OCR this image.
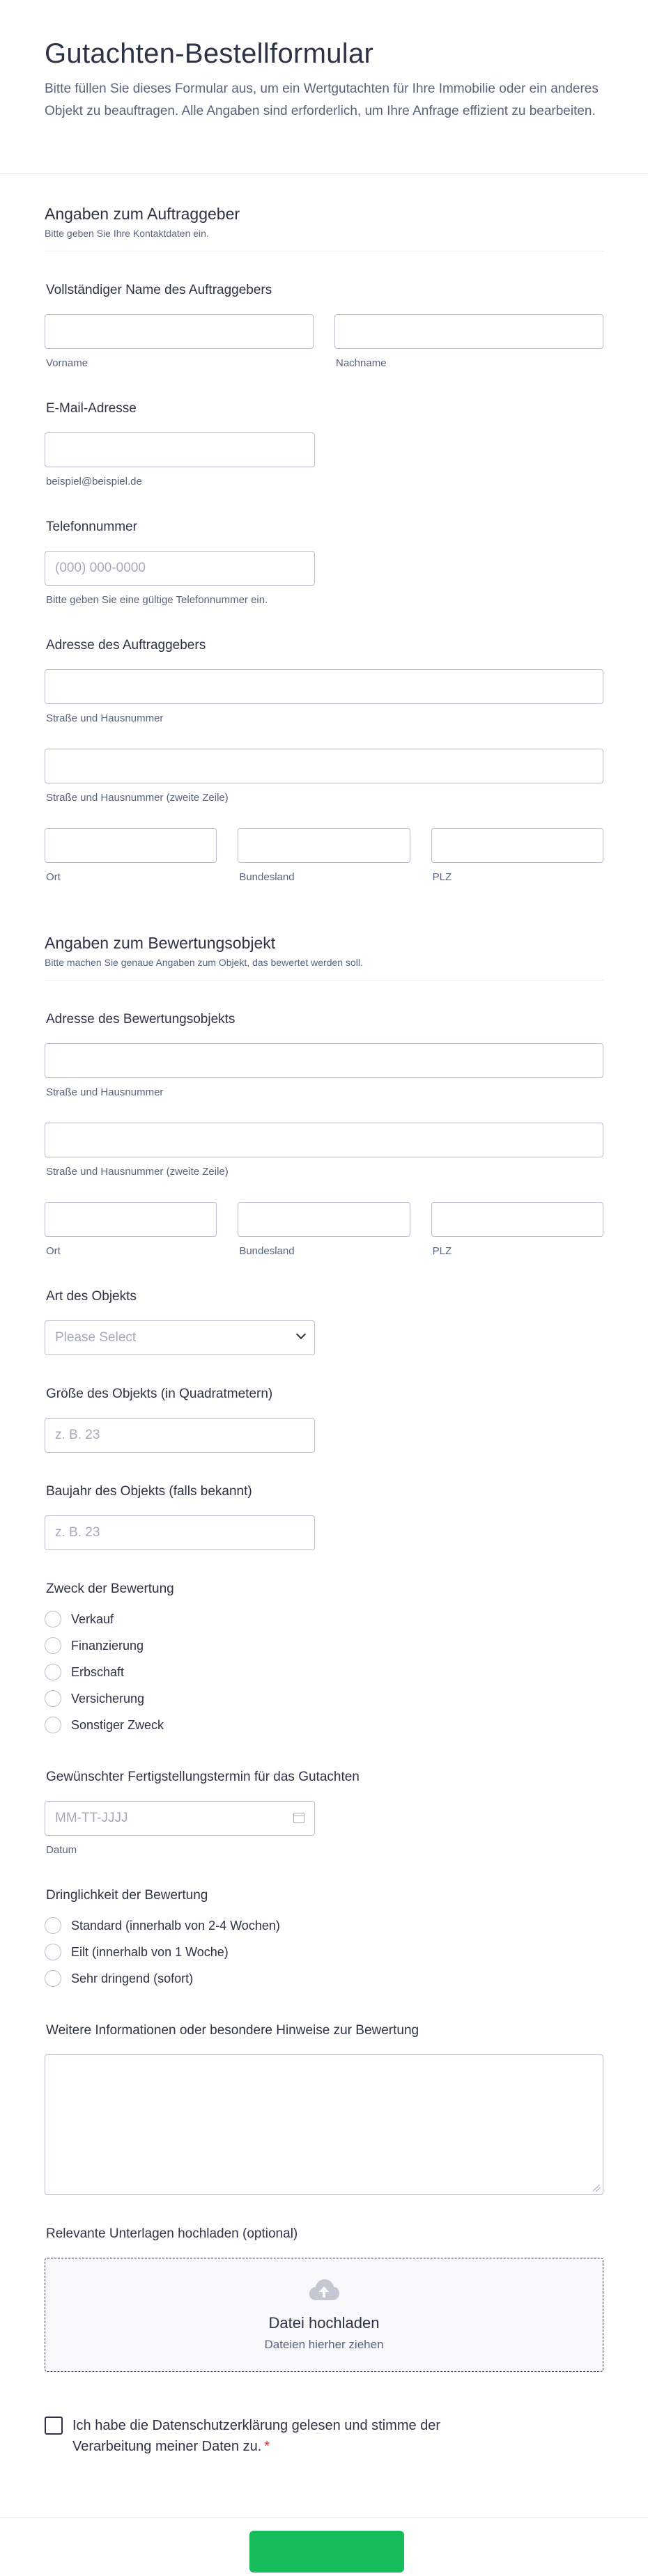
Gutachten-Bestellformular

Bitte füllen Sie dieses Formular aus, um ein Wertgutachten für Ihre Immobilie oder ein anderes Objekt zu beauftragen. Alle Angaben sind erforderlich, um Ihre Anfrage effizient zu bearbeiten.

Angaben zum Auftraggeber
Bitte geben Sie Ihre Kontaktdaten ein.
Vollständiger Name des Auftraggebers
Vorname	Nachname
E-Mail-Adresse
beispiel@beispiel.de
Telefonnummer
(000) 000-0000
Bitte geben Sie eine gültige Telefonnummer ein.
Adresse des Auftraggebers
Straße und Hausnummer
Straße und Hausnummer (zweite Zeile)
Ort	Bundesland	PLZ
Angaben zum Bewertungsobjekt
Bitte machen Sie genaue Angaben zum Objekt, das bewertet werden soll.
Adresse des Bewertungsobjekts
Straße und Hausnummer
Straße und Hausnummer (zweite Zeile)
Ort	Bundesland	PLZ
Art des Objekts
Please Select
Größe des Objekts (in Quadratmetern)
z. B. 23
Baujahr des Objekts (falls bekannt)
z. B. 23
Zweck der Bewertung
Verkauf
Finanzierung
Erbschaft
Versicherung
Sonstiger Zweck
Gewünschter Fertigstellungstermin für das Gutachten
MM-TT-JJJJ
Datum
Dringlichkeit der Bewertung
Standard (innerhalb von 2-4 Wochen)
Eilt (innerhalb von 1 Woche)
Sehr dringend (sofort)
Weitere Informationen oder besondere Hinweise zur Bewertung
Relevante Unterlagen hochladen (optional)
Datei hochladen
Dateien hierher ziehen
Ich habe die Datenschutzerklärung gelesen und stimme der Verarbeitung meiner Daten zu. *
